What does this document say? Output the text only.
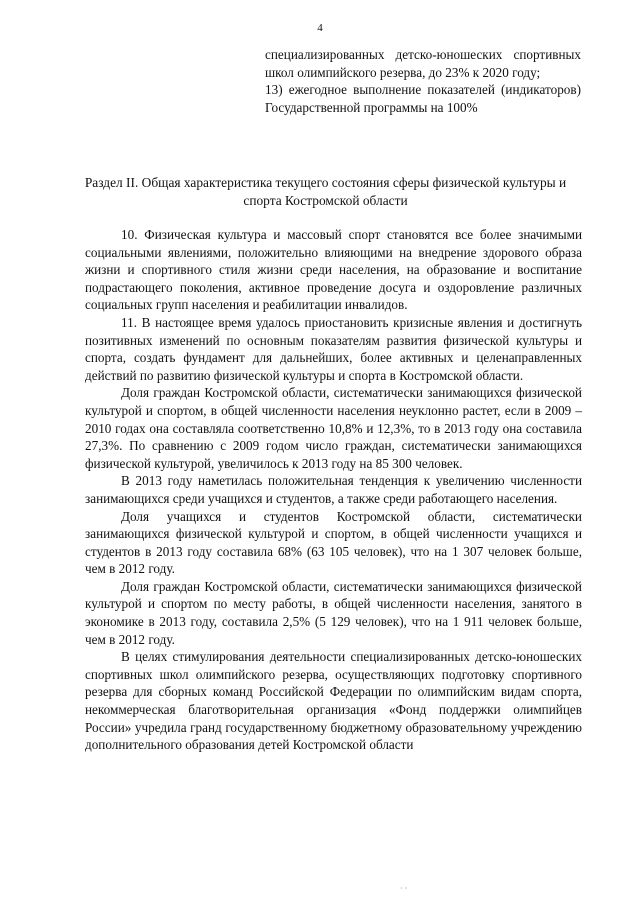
4

специализированных детско-юношеских спортивных школ олимпийского резерва, до 23% к 2020 году;

13) ежегодное выполнение показателей (индикаторов) Государственной программы на 100%

Раздел II. Общая характеристика текущего состояния сферы физической культуры и спорта Костромской области

10. Физическая культура и массовый спорт становятся все более значимыми социальными явлениями, положительно влияющими на внедрение здорового образа жизни и спортивного стиля жизни среди населения, на образование и воспитание подрастающего поколения, активное проведение досуга и оздоровление различных социальных групп населения и реабилитации инвалидов.

11. В настоящее время удалось приостановить кризисные явления и достигнуть позитивных изменений по основным показателям развития физической культуры и спорта, создать фундамент для дальнейших, более активных и целенаправленных действий по развитию физической культуры и спорта в Костромской области.

Доля граждан Костромской области, систематически занимающихся физической культурой и спортом, в общей численности населения неуклонно растет, если в 2009 – 2010 годах она составляла соответственно 10,8% и 12,3%, то в 2013 году она составила 27,3%. По сравнению с 2009 годом число граждан, систематически занимающихся физической культурой, увеличилось к 2013 году на 85 300 человек.

В 2013 году наметилась положительная тенденция к увеличению численности занимающихся среди учащихся и студентов, а также среди работающего населения.

Доля учащихся и студентов Костромской области, систематически занимающихся физической культурой и спортом, в общей численности учащихся и студентов в 2013 году составила 68% (63 105 человек), что на 1 307 человек больше, чем в 2012 году.

Доля граждан Костромской области, систематически занимающихся физической культурой и спортом по месту работы, в общей численности населения, занятого в экономике в 2013 году, составила 2,5% (5 129 человек), что на 1 911 человек больше, чем в 2012 году.

В целях стимулирования деятельности специализированных детско-юношеских спортивных школ олимпийского резерва, осуществляющих подготовку спортивного резерва для сборных команд Российской Федерации по олимпийским видам спорта, некоммерческая благотворительная организация «Фонд поддержки олимпийцев России» учредила гранд государственному бюджетному образовательному учреждению дополнительного образования детей Костромской области

· ·
